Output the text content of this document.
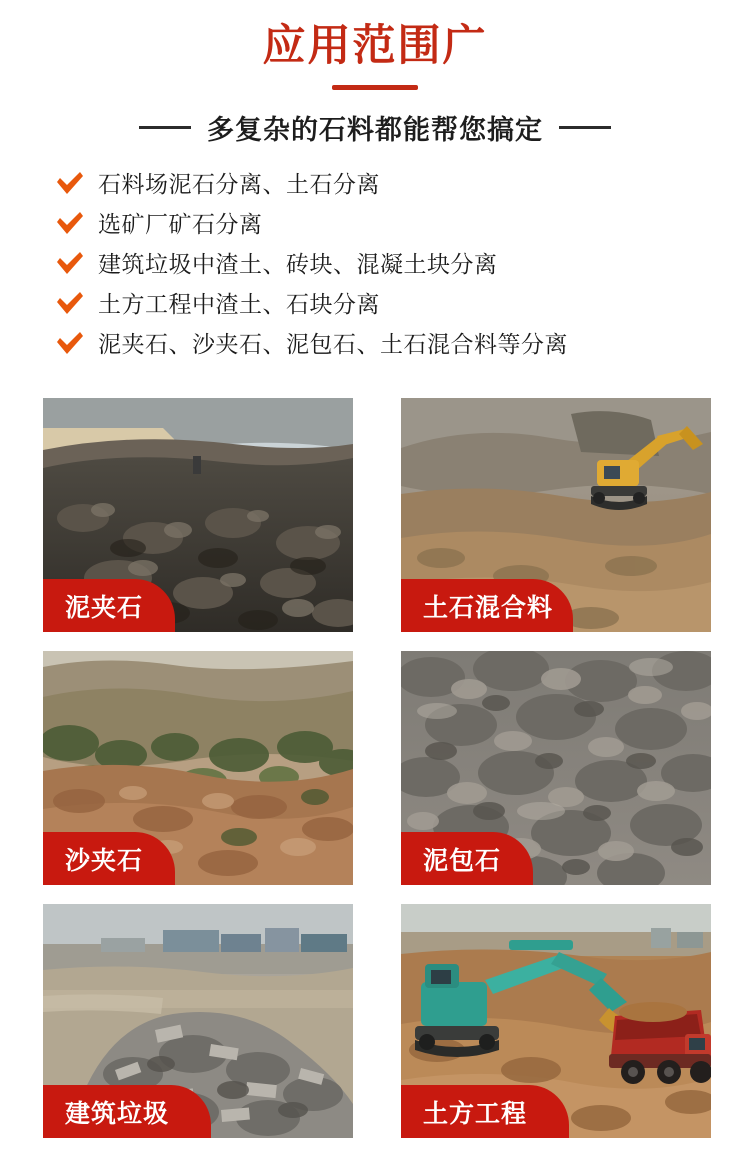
应用范围广
多复杂的石料都能帮您搞定
石料场泥石分离、土石分离
选矿厂矿石分离
建筑垃圾中渣土、砖块、混凝土块分离
土方工程中渣土、石块分离
泥夹石、沙夹石、泥包石、土石混合料等分离
泥夹石	土石混合料
沙夹石	泥包石
建筑垃圾	土方工程
